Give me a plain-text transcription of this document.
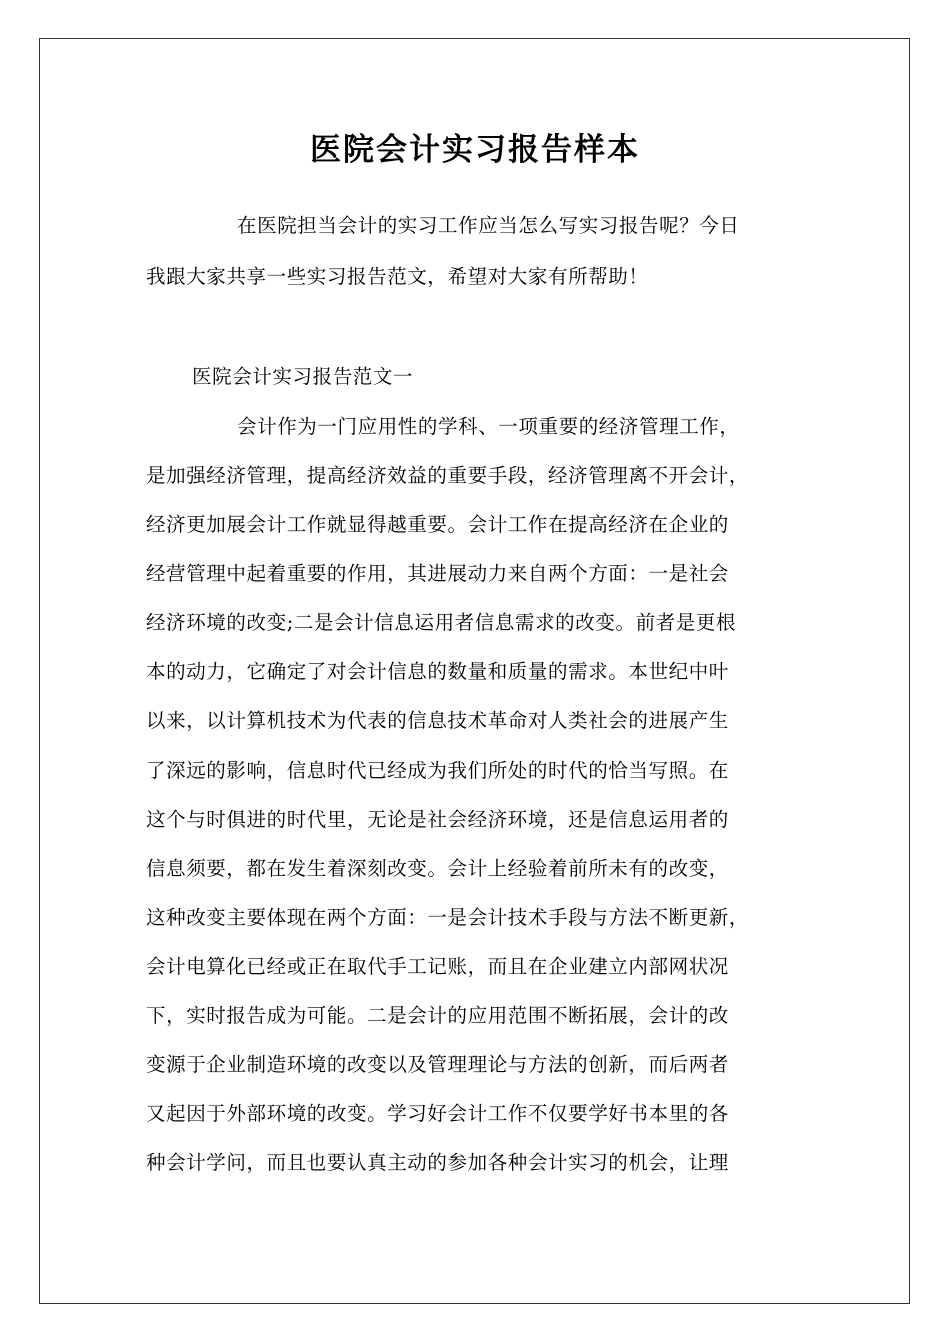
医院会计实习报告样本
在医院担当会计的实习工作应当怎么写实习报告呢？今日
我跟大家共享一些实习报告范文，希望对大家有所帮助！
医院会计实习报告范文一
会计作为一门应用性的学科、一项重要的经济管理工作，
是加强经济管理，提高经济效益的重要手段，经济管理离不开会计，
经济更加展会计工作就显得越重要。会计工作在提高经济在企业的
经营管理中起着重要的作用，其进展动力来自两个方面：一是社会
经济环境的改变;二是会计信息运用者信息需求的改变。前者是更根
本的动力，它确定了对会计信息的数量和质量的需求。本世纪中叶
以来，以计算机技术为代表的信息技术革命对人类社会的进展产生
了深远的影响，信息时代已经成为我们所处的时代的恰当写照。在
这个与时俱进的时代里，无论是社会经济环境，还是信息运用者的
信息须要，都在发生着深刻改变。会计上经验着前所未有的改变，
这种改变主要体现在两个方面：一是会计技术手段与方法不断更新，
会计电算化已经或正在取代手工记账，而且在企业建立内部网状况
下，实时报告成为可能。二是会计的应用范围不断拓展，会计的改
变源于企业制造环境的改变以及管理理论与方法的创新，而后两者
又起因于外部环境的改变。学习好会计工作不仅要学好书本里的各
种会计学问，而且也要认真主动的参加各种会计实习的机会，让理
